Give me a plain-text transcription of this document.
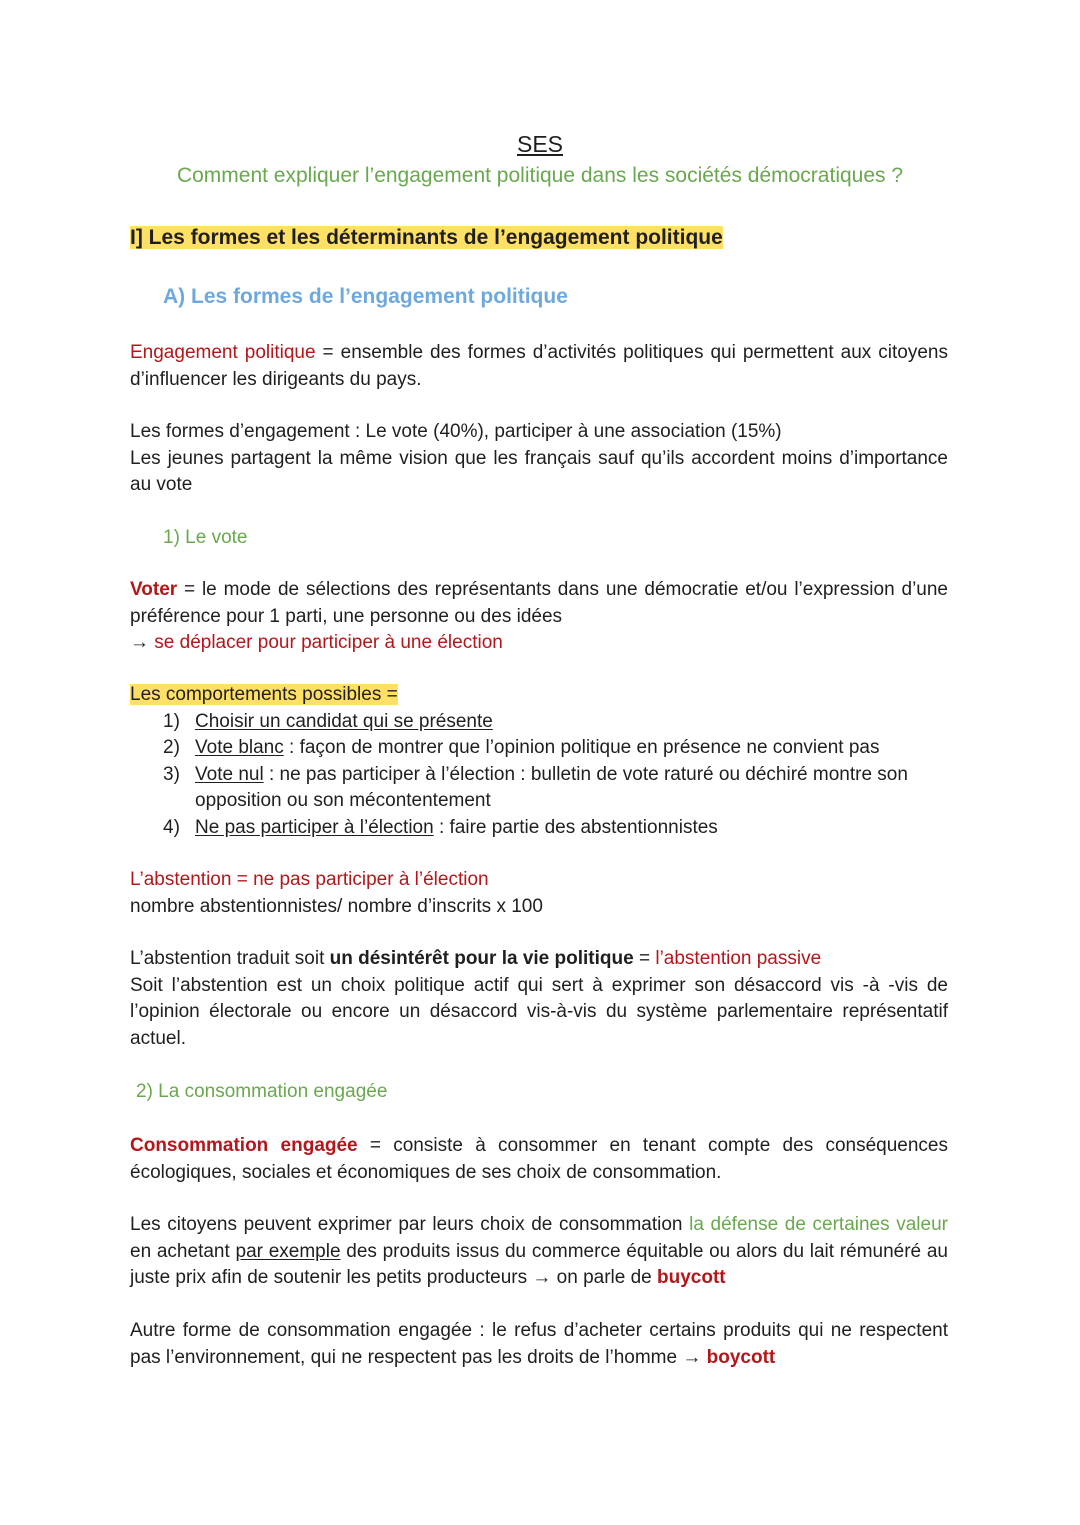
SES
Comment expliquer l’engagement politique dans les sociétés démocratiques ?
I] Les formes et les déterminants de l’engagement politique
A) Les formes de l’engagement politique
Engagement politique = ensemble des formes d’activités politiques qui permettent aux citoyens d’influencer les dirigeants du pays.
Les formes d’engagement : Le vote (40%), participer à une association (15%)
Les jeunes partagent la même vision que les français sauf qu’ils accordent moins d’importance au vote
1) Le vote
Voter = le mode de sélections des représentants dans une démocratie et/ou l’expression d’une préférence pour 1 parti, une personne ou des idées
→ se déplacer pour participer à une élection
Les comportements possibles =
1) Choisir un candidat qui se présente
2) Vote blanc : façon de montrer que l’opinion politique en présence ne convient pas
3) Vote nul : ne pas participer à l’élection : bulletin de vote raturé ou déchiré montre son opposition ou son mécontentement
4) Ne pas participer à l’élection : faire partie des abstentionnistes
L’abstention = ne pas participer à l’élection
nombre abstentionnistes/ nombre d’inscrits x 100
L’abstention traduit soit un désintérêt pour la vie politique = l’abstention passive
Soit l’abstention est un choix politique actif qui sert à exprimer son désaccord vis -à -vis de l’opinion électorale ou encore un désaccord vis-à-vis du système parlementaire représentatif actuel.
2) La consommation engagée
Consommation engagée = consiste à consommer en tenant compte des conséquences écologiques, sociales et économiques de ses choix de consommation.
Les citoyens peuvent exprimer par leurs choix de consommation la défense de certaines valeur en achetant par exemple des produits issus du commerce équitable ou alors du lait rémunéré au juste prix afin de soutenir les petits producteurs → on parle de buycott
Autre forme de consommation engagée : le refus d’acheter certains produits qui ne respectent pas l’environnement, qui ne respectent pas les droits de l’homme → boycott
